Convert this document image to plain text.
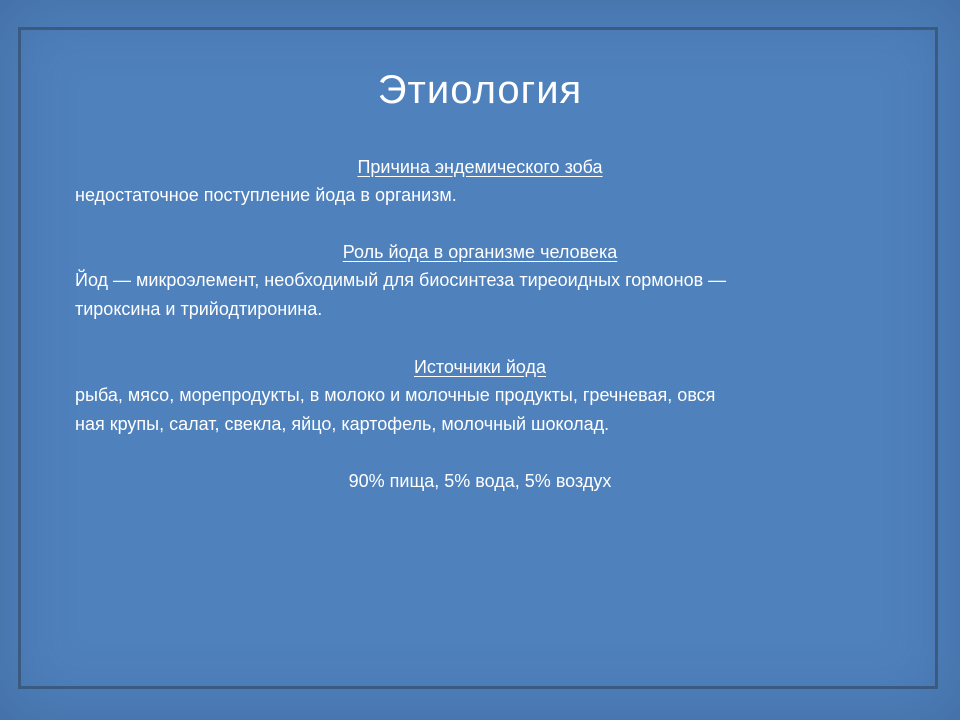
Этиология
Причина эндемического зоба
недостаточное поступление йода в организм.
Роль йода в организме человека
Йод — микроэлемент, необходимый для биосинтеза тиреоидных гормонов —
тироксина и трийодтиронина.
Источники йода
рыба, мясо, морепродукты, в молоко и молочные продукты, гречневая, овся
ная крупы, салат, свекла, яйцо, картофель, молочный шоколад.
90% пища, 5% вода, 5% воздух
